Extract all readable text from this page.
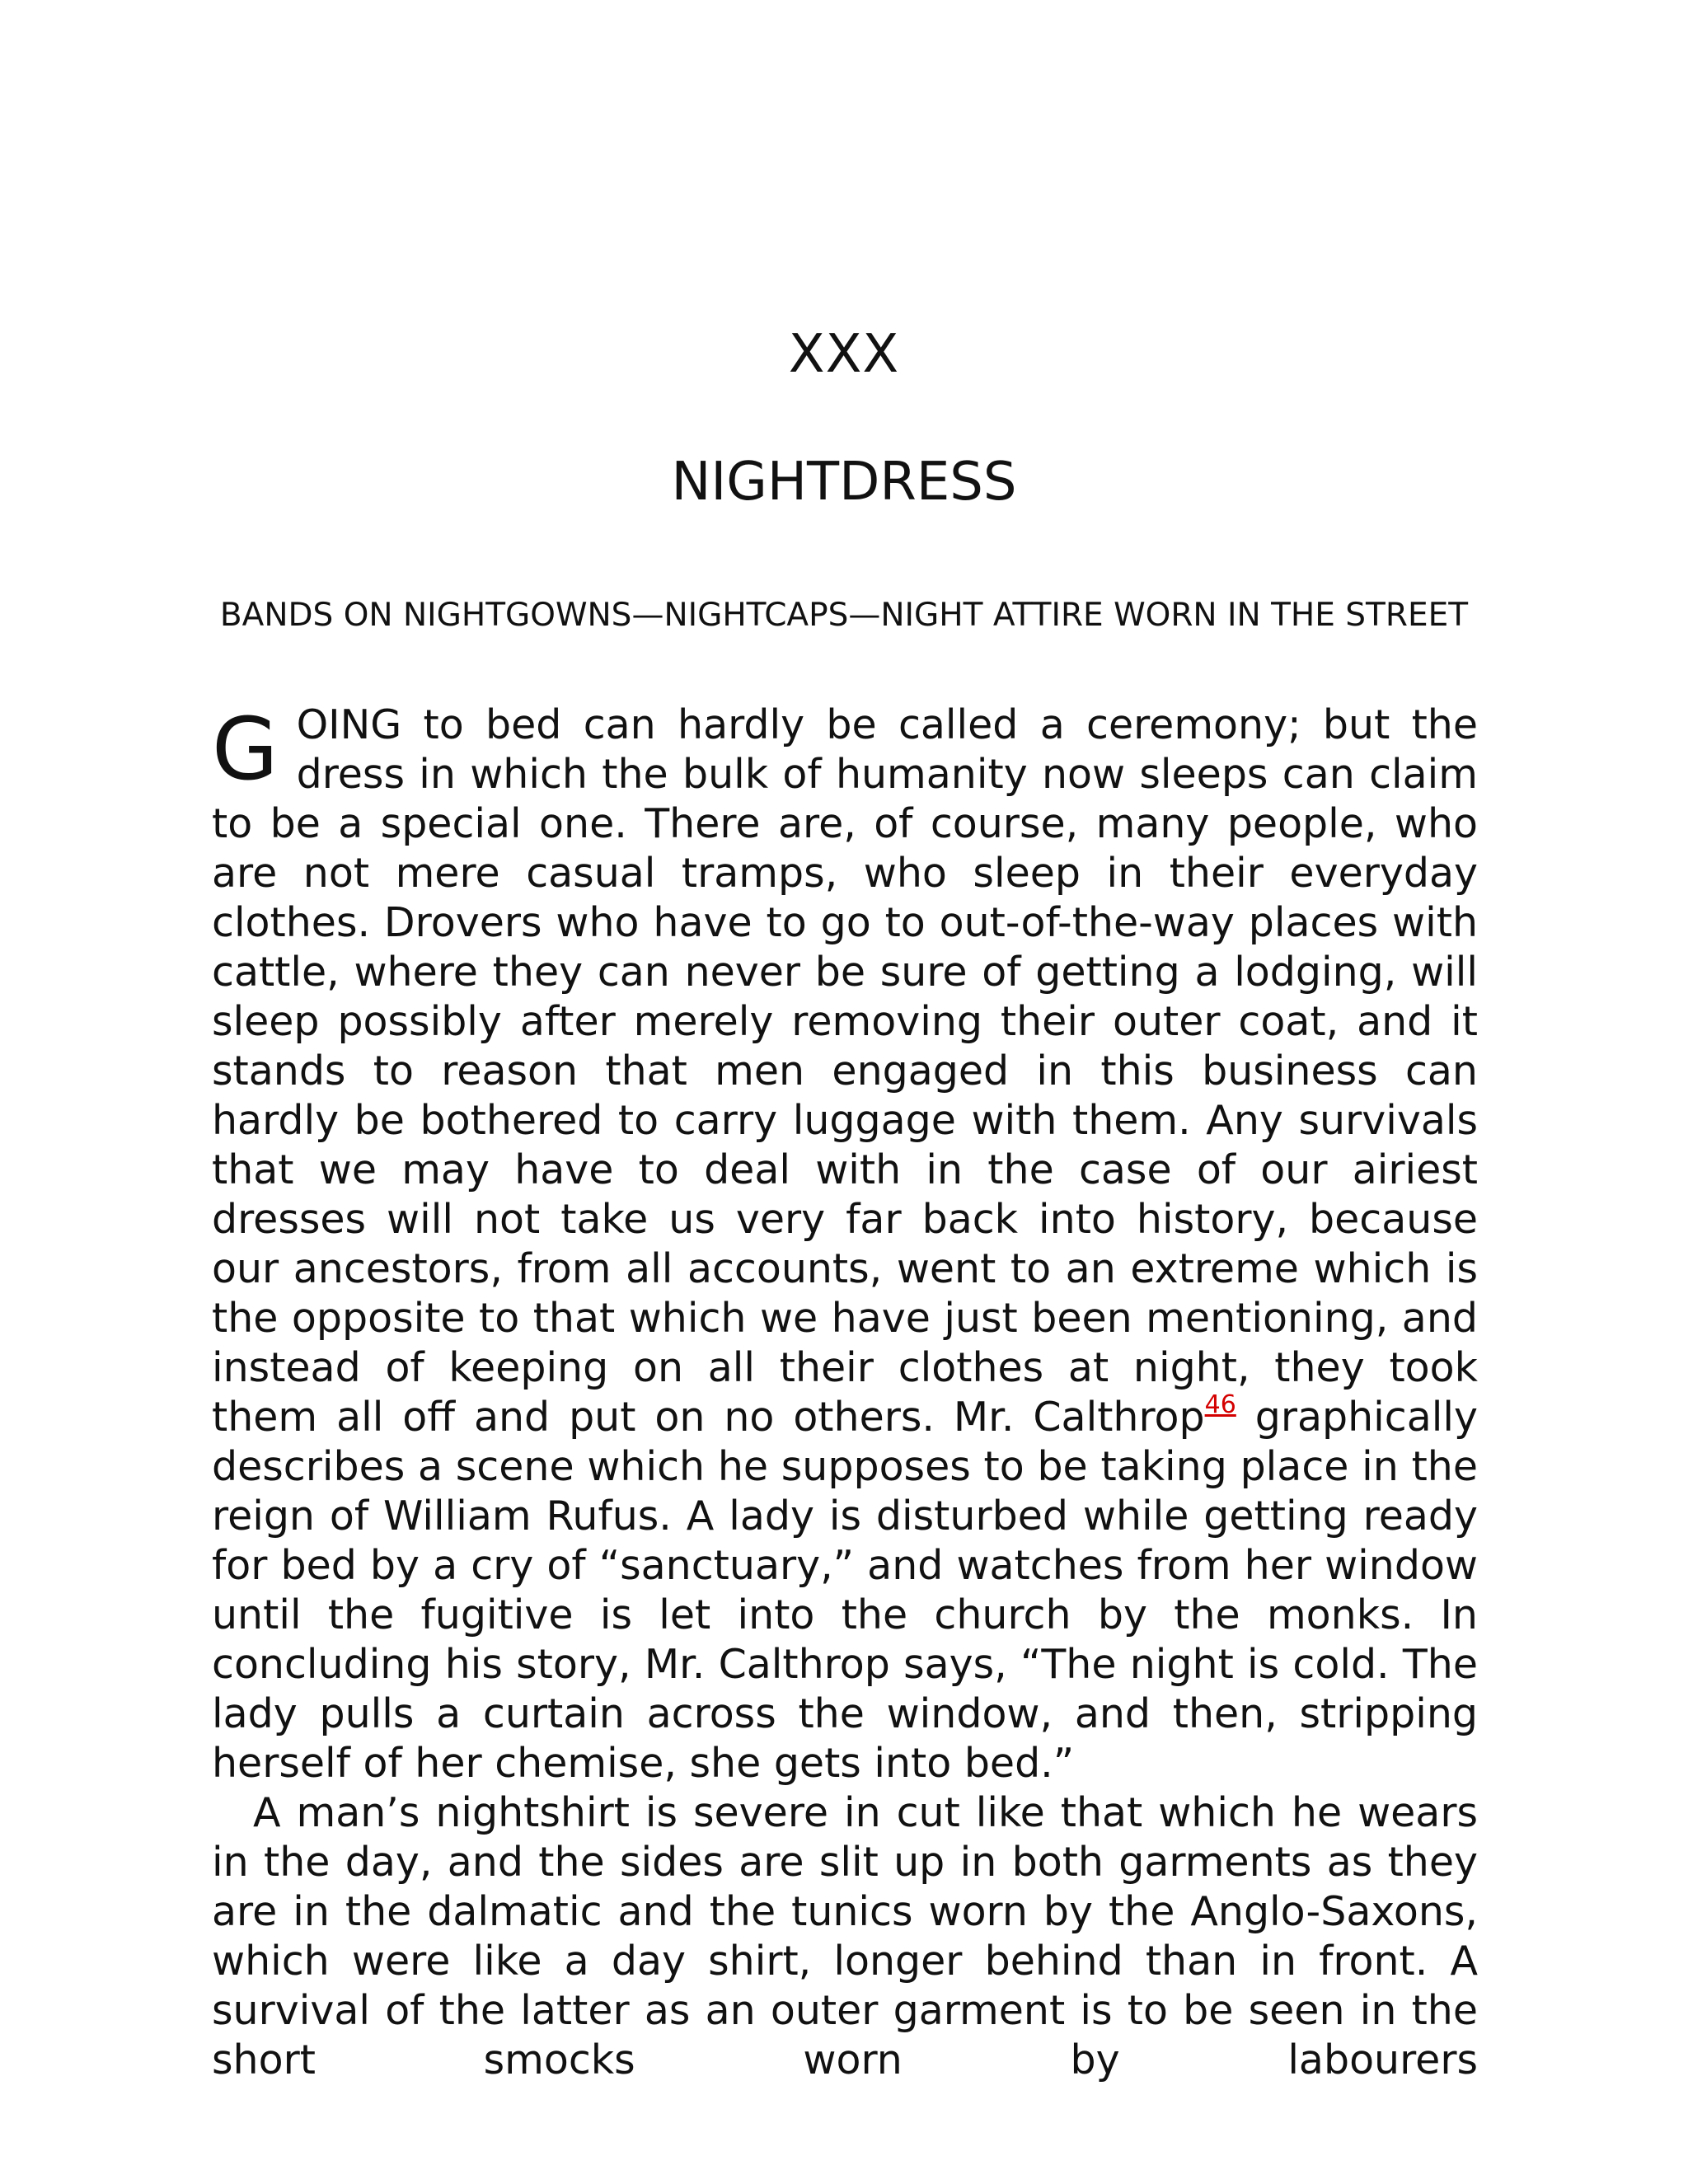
XXX
NIGHTDRESS
BANDS ON NIGHTGOWNS—NIGHTCAPS—NIGHT ATTIRE WORN IN THE STREET

GOING to bed can hardly be called a ceremony; but the dress in which the bulk of humanity now sleeps can claim to be a special one. There are, of course, many people, who are not mere casual tramps, who sleep in their everyday clothes. Drovers who have to go to out-of-the-way places with cattle, where they can never be sure of getting a lodging, will sleep possibly after merely removing their outer coat, and it stands to reason that men engaged in this business can hardly be bothered to carry luggage with them. Any survivals that we may have to deal with in the case of our airiest dresses will not take us very far back into history, because our ancestors, from all accounts, went to an extreme which is the opposite to that which we have just been mentioning, and instead of keeping on all their clothes at night, they took them all off and put on no others. Mr. Calthrop$^{46}$ graphically describes a scene which he supposes to be taking place in the reign of William Rufus. A lady is disturbed while getting ready for bed by a cry of “sanctuary,” and watches from her window until the fugitive is let into the church by the monks. In concluding his story, Mr. Calthrop says, “The night is cold. The lady pulls a curtain across the window, and then, stripping herself of her chemise, she gets into bed.”

A man’s nightshirt is severe in cut like that which he wears in the day, and the sides are slit up in both garments as they are in the dalmatic and the tunics worn by the Anglo-Saxons, which were like a day shirt, longer behind than in front. A survival of the latter as an outer garment is to be seen in the short smocks worn by labourers
